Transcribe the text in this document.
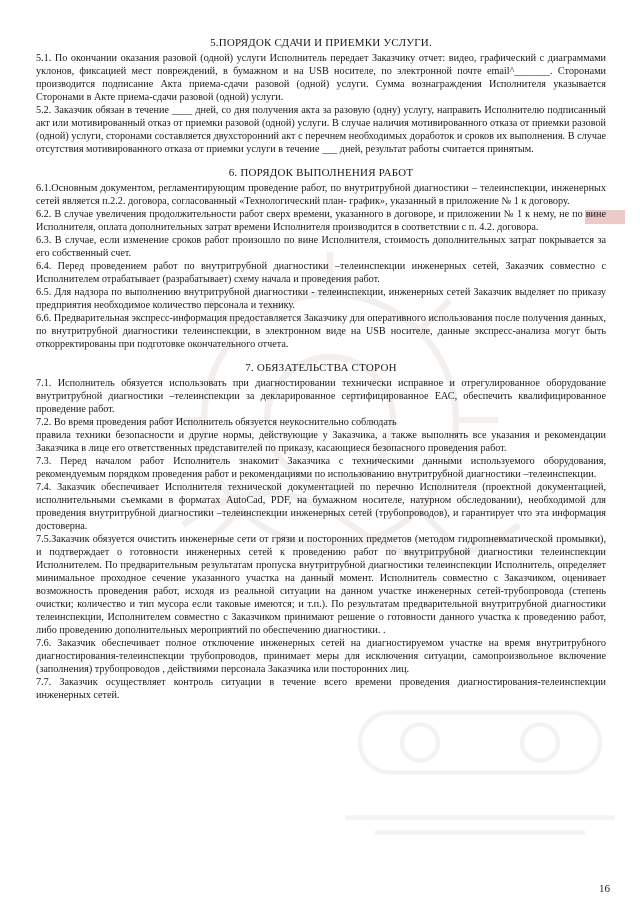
5.ПОРЯДОК СДАЧИ И ПРИЕМКИ УСЛУГИ.

5.1. По окончании оказания разовой (одной) услуги Исполнитель передает Заказчику отчет: видео, графический с диаграммами уклонов, фиксацией мест повреждений, в бумажном и на USB носителе, по электронной почте email^_______. Сторонами производится подписание Акта приема-сдачи разовой (одной) услуги. Сумма вознаграждения Исполнителя указывается Сторонами в Акте приема-сдачи разовой (одной) услуги.

5.2. Заказчик обязан в течение ____ дней, со дня получения акта за разовую (одну) услугу, направить Исполнителю подписанный акт или мотивированный отказ от приемки разовой (одной) услуги. В случае наличия мотивированного отказа от приемки разовой (одной) услуги, сторонами составляется двухсторонний акт с перечнем необходимых доработок и сроков их выполнения. В случае отсутствия мотивированного отказа от приемки услуги в течение ___ дней, результат работы считается принятым.

6. ПОРЯДОК ВЫПОЛНЕНИЯ РАБОТ

6.1.Основным документом, регламентирующим проведение работ, по внутритрубной диагностики – телеинспекции, инженерных сетей является п.2.2. договора, согласованный «Технологический план- график», указанный в приложение № 1 к договору.

6.2. В случае увеличения продолжительности работ сверх времени, указанного в договоре, и приложении № 1 к нему, не по вине Исполнителя, оплата дополнительных затрат времени Исполнителя производится в соответствии с п. 4.2. договора.

6.3. В случае, если изменение сроков работ произошло по вине Исполнителя, стоимость дополнительных затрат покрывается за его собственный счет.

6.4. Перед проведением работ по внутритрубной диагностики –телеинспекции инженерных сетей, Заказчик совместно с Исполнителем отрабатывает (разрабатывает) схему начала и проведения работ.

6.5. Для надзора по выполнению внутритрубной диагностики - телеинспекции, инженерных сетей Заказчик выделяет по приказу предприятия необходимое количество персонала и технику.

6.6. Предварительная экспресс-информация предоставляется Заказчику для оперативного использования после получения данных, по внутритрубной диагностики телеинспекции, в электронном виде на USB носителе, данные экспресс-анализа могут быть откорректированы при подготовке окончательного отчета.

7. ОБЯЗАТЕЛЬСТВА СТОРОН

7.1. Исполнитель обязуется использовать при диагностировании технически исправное и отрегулированное оборудование внутритрубной диагностики –телеинспекции за декларированное сертифицированное ЕАС, обеспечить квалифицированное проведение работ.

7.2. Во время проведения работ Исполнитель обязуется неукоснительно соблюдать

правила техники безопасности и другие нормы, действующие у Заказчика, а также выполнять все указания и рекомендации Заказчика в лице его ответственных представителей по приказу, касающиеся безопасного проведения работ.

7.3. Перед началом работ Исполнитель знакомит Заказчика с техническими данными используемого оборудования, рекомендуемым порядком проведения работ и рекомендациями по использованию внутритрубной диагностики –телеинспекции.

7.4. Заказчик обеспечивает Исполнителя технической документацией по перечню Исполнителя (проектной документацией, исполнительными съемками в форматах AutoCad, PDF, на бумажном носителе, натурном обследовании), необходимой для проведения внутритрубной диагностики –телеинспекции инженерных сетей (трубопроводов), и гарантирует что эта информация достоверна.

7.5.Заказчик обязуется очистить инженерные сети от грязи и посторонних предметов (методом гидропневматической промывки), и подтверждает о готовности инженерных сетей к проведению работ по внутритрубной диагностики телеинспекции Исполнителем. По предварительным результатам пропуска внутритрубной диагностики телеинспекции Исполнитель, определяет минимальное проходное сечение указанного участка на данный момент. Исполнитель совместно с Заказчиком, оценивает возможность проведения работ, исходя из реальной ситуации на данном участке инженерных сетей-трубопровода (степень очистки; количество и тип мусора если таковые имеются; и т.п.). По результатам предварительной внутритрубной диагностики телеинспекции, Исполнителем совместно с Заказчиком принимают решение о готовности данного участка к проведению работ, либо проведению дополнительных мероприятий по обеспечению диагностики. .

7.6. Заказчик обеспечивает полное отключение инженерных сетей на диагностируемом участке на время внутритрубного диагностирования-телеинспекции трубопроводов, принимает меры для исключения ситуации, самопроизвольное включение (заполнения) трубопроводов , действиями персонала Заказчика или посторонних лиц.

7.7. Заказчик осуществляет контроль ситуации в течение всего времени проведения диагностирования-телеинспекции инженерных сетей.

16
